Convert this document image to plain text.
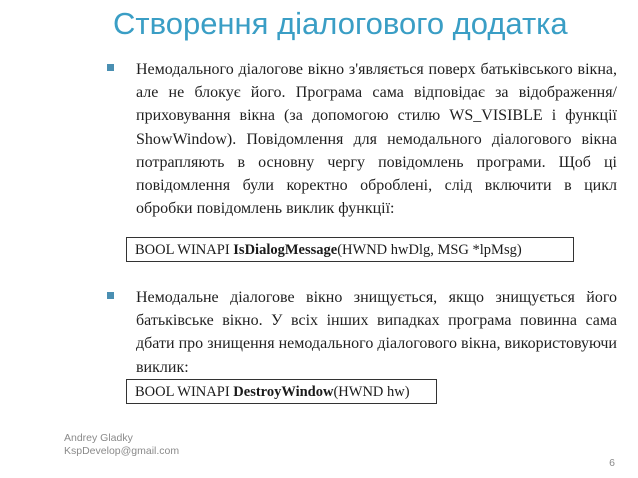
Створення діалогового додатка
Немодального діалогове вікно з'являється поверх батьківського вікна, але не блокує його. Програма сама відповідає за відображення/приховування вікна (за допомогою стилю WS_VISIBLE і функції ShowWindow). Повідомлення для немодального діалогового вікна потрапляють в основну чергу повідомлень програми. Щоб ці повідомлення були коректно оброблені, слід включити в цикл обробки повідомлень виклик функції:
BOOL WINAPI IsDialogMessage(HWND hwDlg, MSG *lpMsg)
Немодальне діалогове вікно знищується, якщо знищується його батьківське вікно. У всіх інших випадках програма повинна сама дбати про знищення немодального діалогового вікна, використовуючи виклик:
BOOL WINAPI DestroyWindow(HWND hw)
Andrey Gladky
KspDevelop@gmail.com
6
